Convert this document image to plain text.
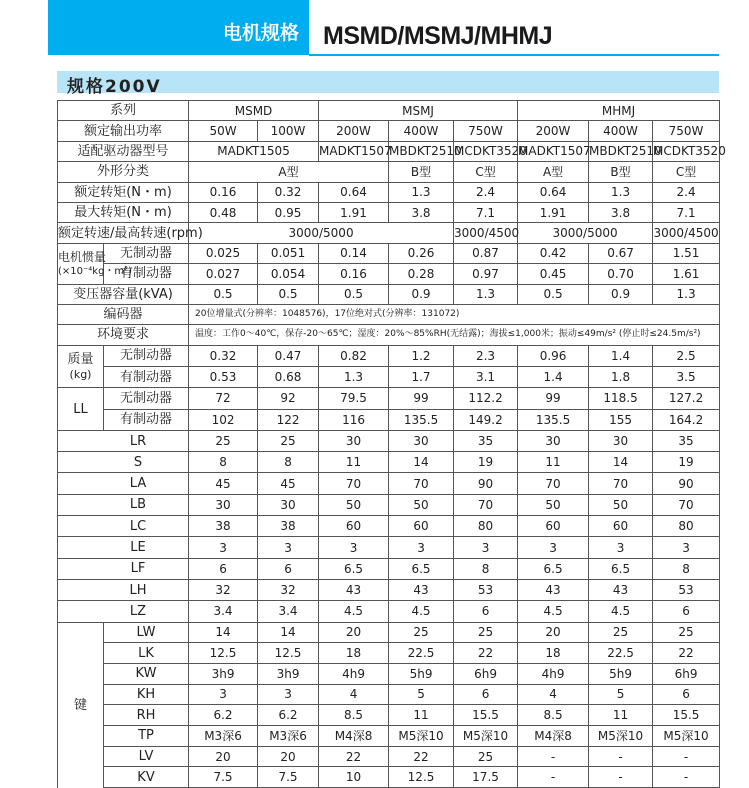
电机规格 MSMD/MSMJ/MHMJ
规格200V
系列		MSMD		MSMJ			MHMJ		
额定输出功率		50W	100W	200W	400W	750W	200W	400W	750W
适配驱动器型号		MADKT1505		MADKT1507	MBDKT2510	MCDKT3520	MADKT1507	MBDKT2510	MCDKT3520
外形分类		A型			B型	C型	A型	B型	C型
额定转矩(N・m)		0.16	0.32	0.64	1.3	2.4	0.64	1.3	2.4
最大转矩(N・m)		0.48	0.95	1.91	3.8	7.1	1.91	3.8	7.1
额定转速/最高转速(rpm)		3000/5000				3000/4500	3000/5000		3000/4500

电机惯量
(×10⁻⁴kg・m²)	无制动器	0.025	0.051	0.14	0.26	0.87	0.42	0.67	1.51
	有制动器	0.027	0.054	0.16	0.28	0.97	0.45	0.70	1.61
变压器容量(kVA)		0.5	0.5	0.5	0.9	1.3	0.5	0.9	1.3
编码器		20位增量式(分辨率：1048576)，17位绝对式(分辨率：131072)							
环境要求		温度：工作0～40℃，保存-20～65℃；湿度：20%～85%RH(无结露)；海拔≤1,000米；振动≤49m/s² (停止时≤24.5m/s²)							

质量
(kg)	无制动器	0.32	0.47	0.82	1.2	2.3	0.96	1.4	2.5
	有制动器	0.53	0.68	1.3	1.7	3.1	1.4	1.8	3.5

LL	无制动器	72	92	79.5	99	112.2	99	118.5	127.2
	有制动器	102	122	116	135.5	149.2	135.5	155	164.2
LR		25	25	30	30	35	30	30	35
S		8	8	11	14	19	11	14	19
LA		45	45	70	70	90	70	70	90
LB		30	30	50	50	70	50	50	70
LC		38	38	60	60	80	60	60	80
LE		3	3	3	3	3	3	3	3
LF		6	6	6.5	6.5	8	6.5	6.5	8
LH		32	32	43	43	53	43	43	53
LZ		3.4	3.4	4.5	4.5	6	4.5	4.5	6
键	LW	14	14	20	25	25	20	25	25
	LK	12.5	12.5	18	22.5	22	18	22.5	22
	KW	3h9	3h9	4h9	5h9	6h9	4h9	5h9	6h9
	KH	3	3	4	5	6	4	5	6
	RH	6.2	6.2	8.5	11	15.5	8.5	11	15.5
	TP	M3深6	M3深6	M4深8	M5深10	M5深10	M4深8	M5深10	M5深10
	LV	20	20	22	22	25	-	-	-
	KV	7.5	7.5	10	12.5	17.5	-	-	-
